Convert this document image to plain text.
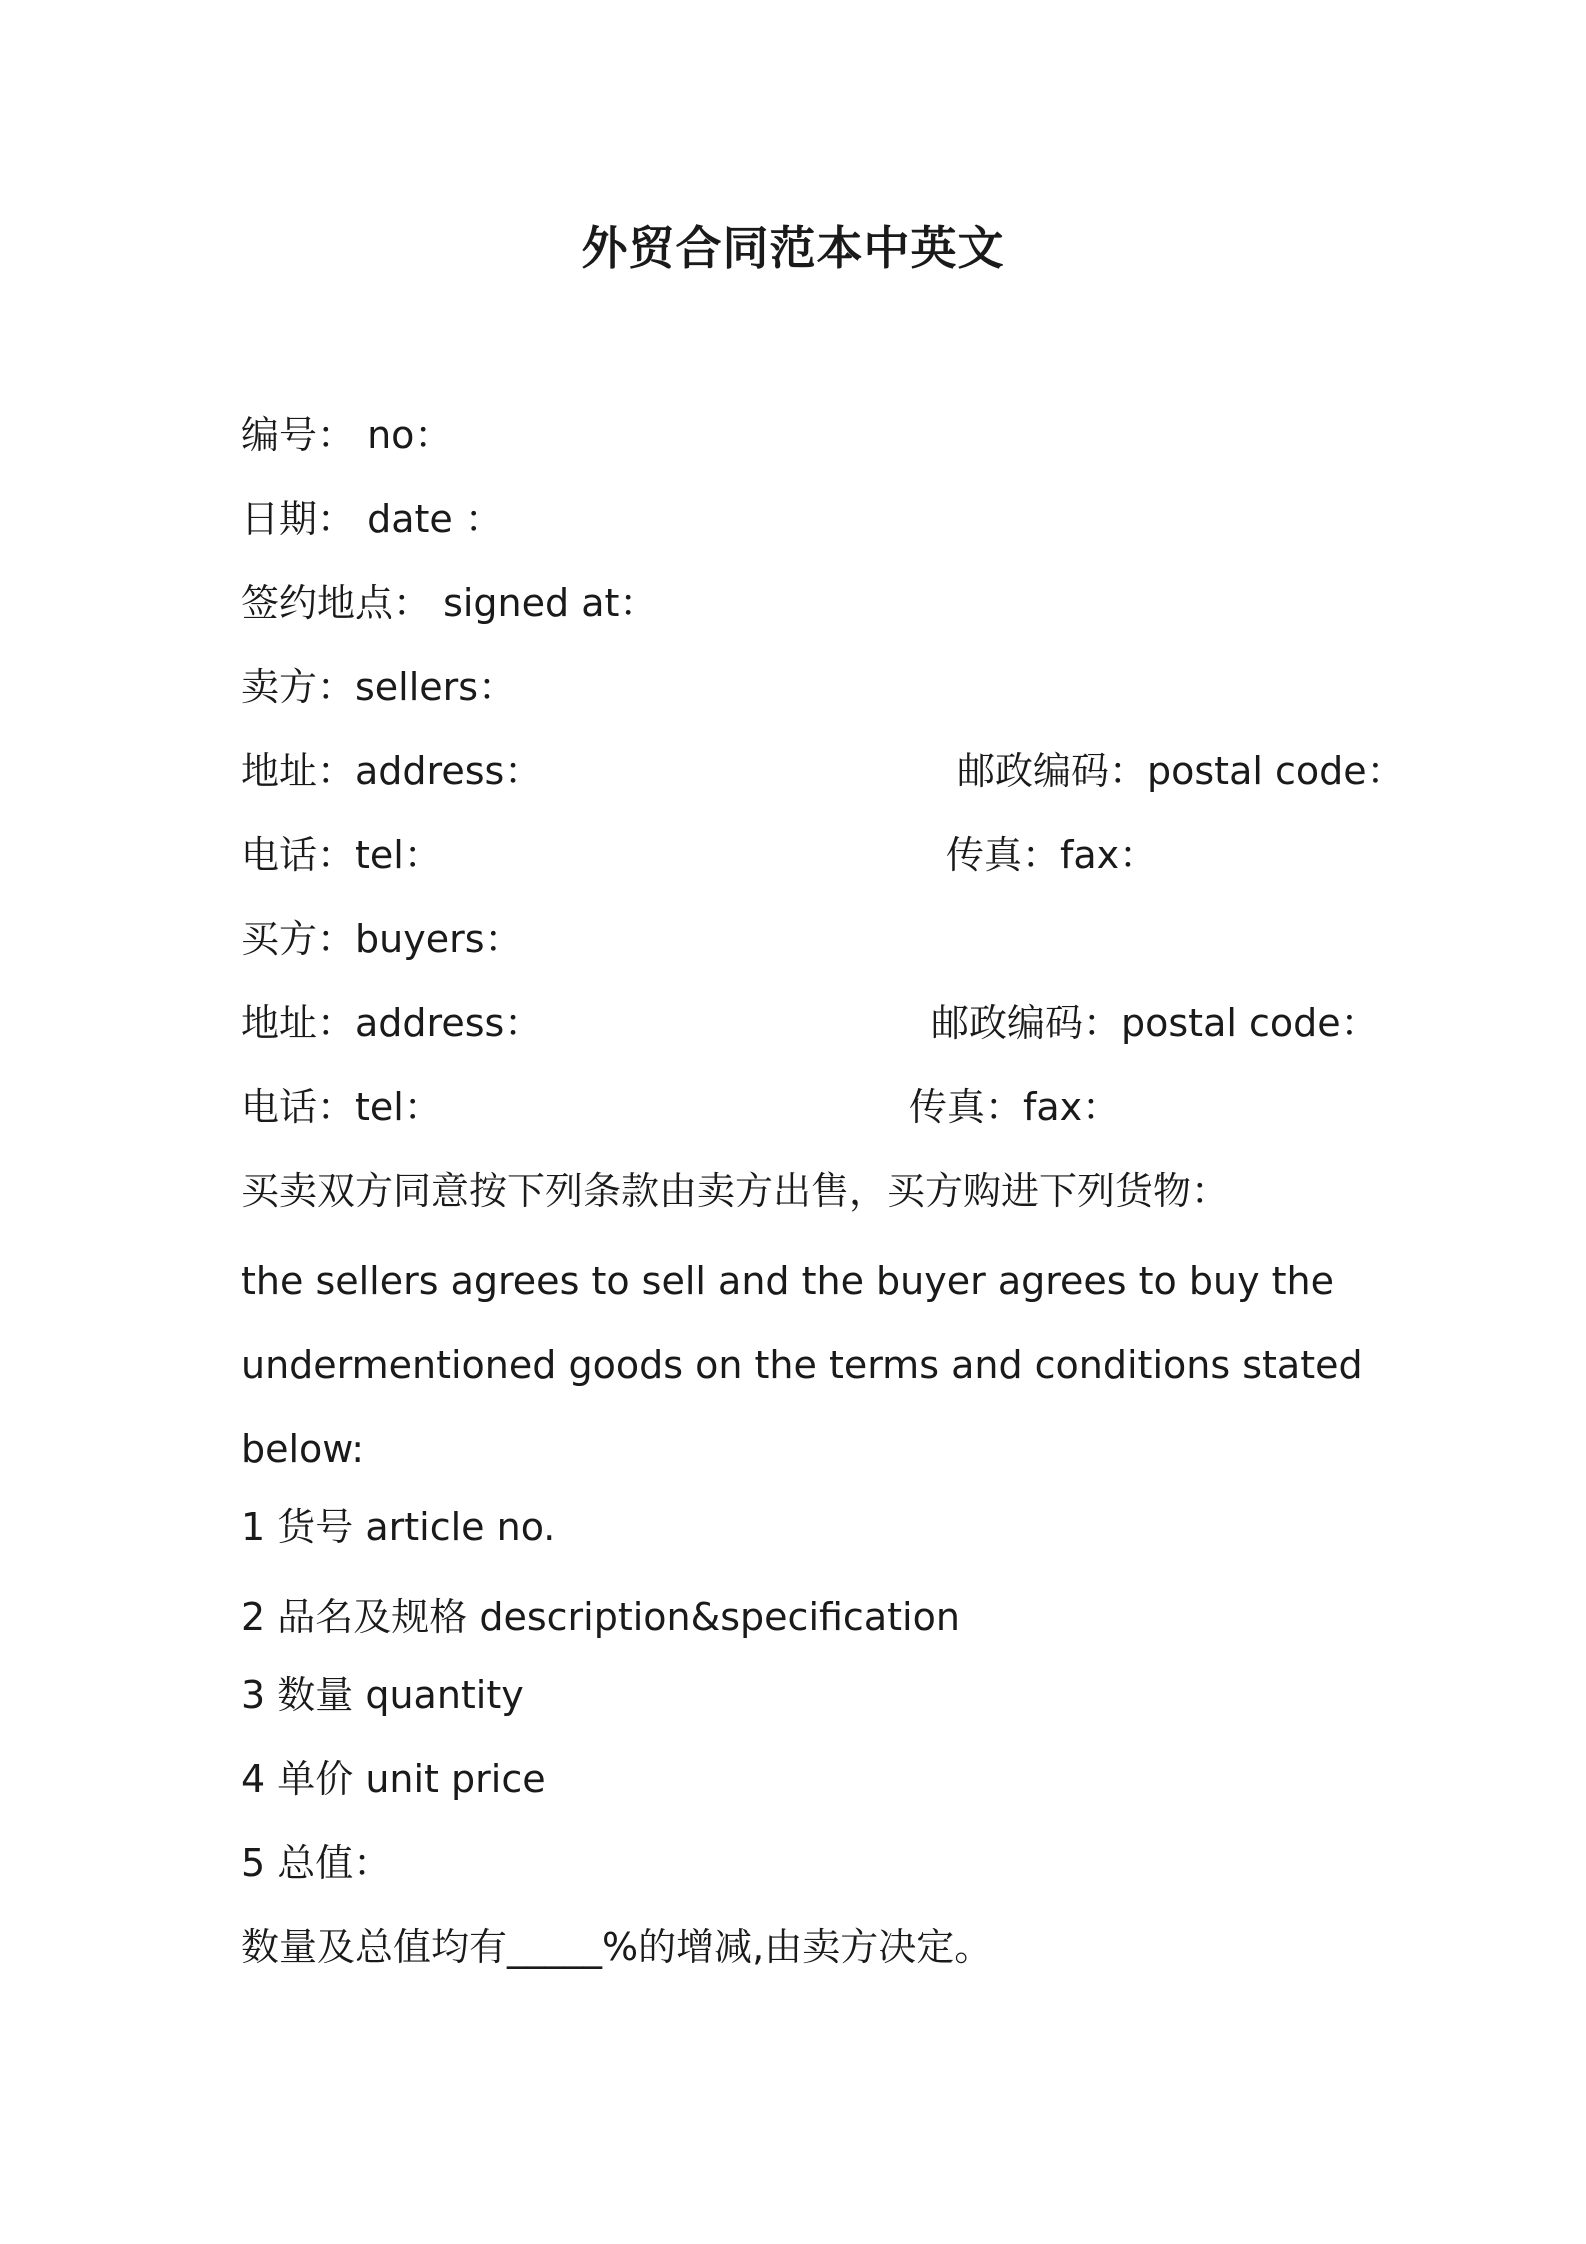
外贸合同范本中英文
编号： no：
日期： date ：
签约地点： signed at：
卖方：sellers：
地址：address：	邮政编码：postal code：
电话：tel：	传真：fax：
买方：buyers：
地址：address：	邮政编码：postal code：
电话：tel：	传真：fax：
买卖双方同意按下列条款由卖方出售，买方购进下列货物：
the sellers agrees to sell and the buyer agrees to buy the
undermentioned goods on the terms and conditions stated
below:
1 货号 article no.
2 品名及规格 description&specification
3 数量 quantity
4 单价 unit price
5 总值：
数量及总值均有_____%的增减,由卖方决定。
